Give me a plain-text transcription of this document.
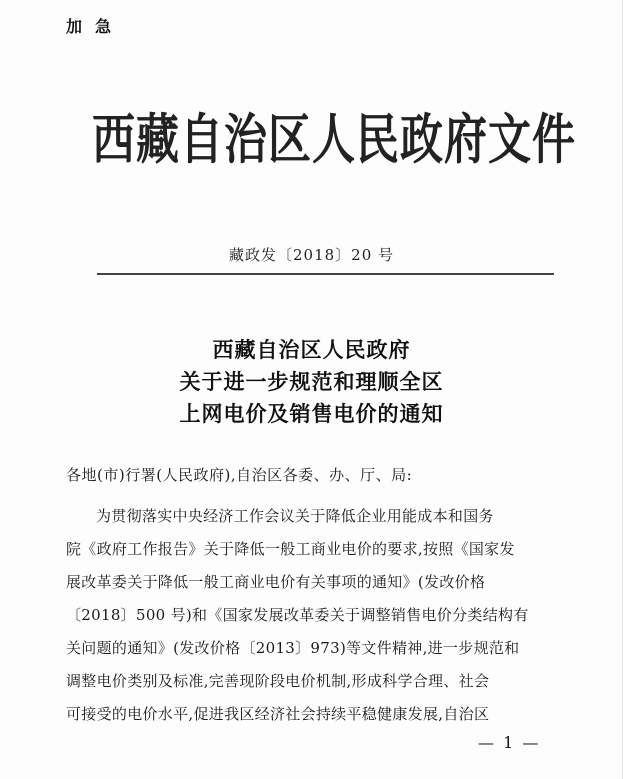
加急
西藏自治区人民政府文件
藏政发〔2018〕20 号
西藏自治区人民政府
关于进一步规范和理顺全区
上网电价及销售电价的通知
各地(市)行署(人民政府),自治区各委、办、厅、局:
为贯彻落实中央经济工作会议关于降低企业用能成本和国务
院《政府工作报告》关于降低一般工商业电价的要求,按照《国家发
展改革委关于降低一般工商业电价有关事项的通知》(发改价格
〔2018〕500 号)和《国家发展改革委关于调整销售电价分类结构有
关问题的通知》(发改价格〔2013〕973)等文件精神,进一步规范和
调整电价类别及标准,完善现阶段电价机制,形成科学合理、社会
可接受的电价水平,促进我区经济社会持续平稳健康发展,自治区
— 1 —
